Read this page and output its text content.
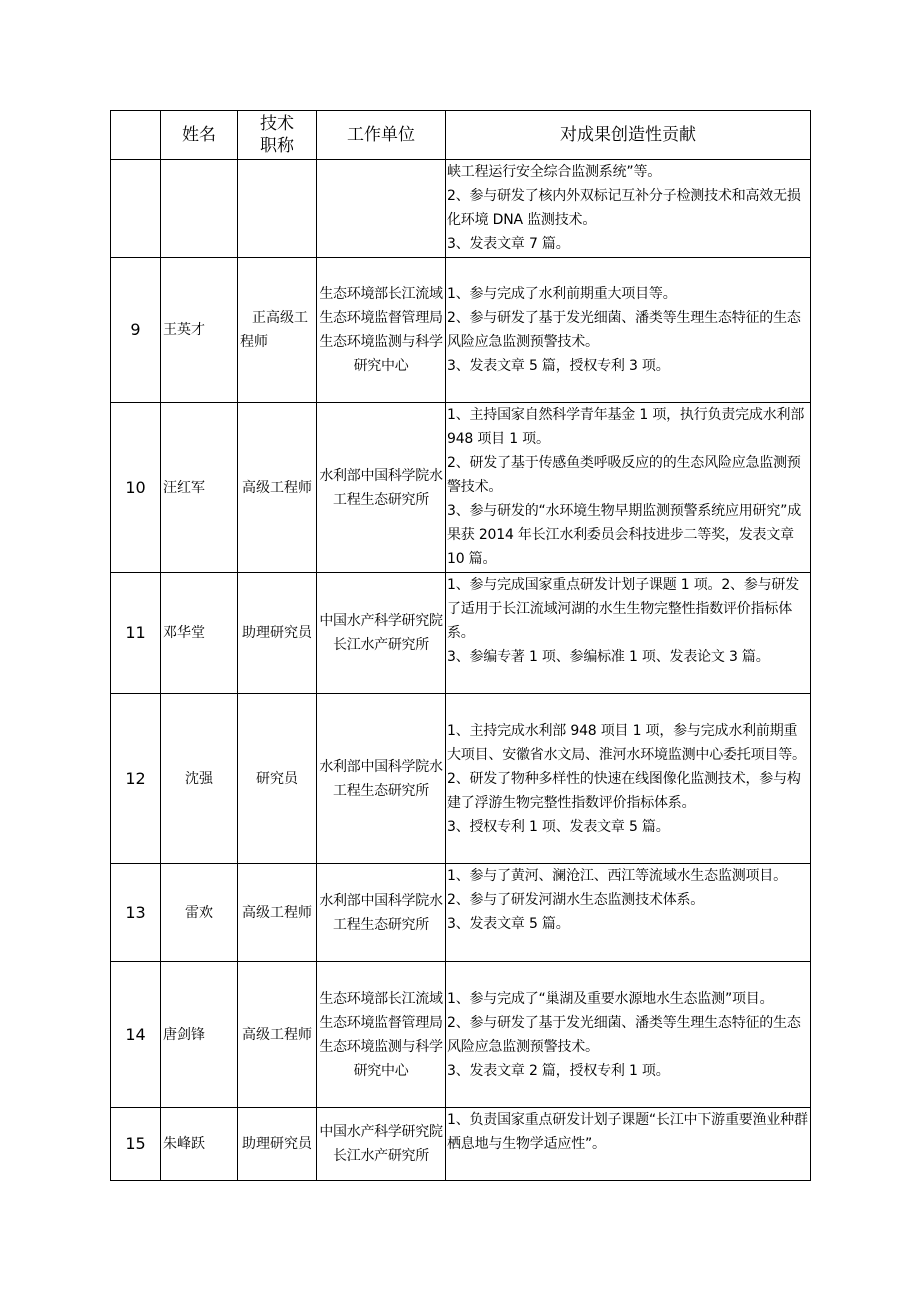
	姓名	技术
职称	工作单位	对成果创造性贡献

				峡工程运行安全综合监测系统”等。
2、参与研发了核内外双标记互补分子检测技术和高效无损化环境 DNA 监测技术。
3、发表文章 7 篇。

9	王英才	正高级工程师	生态环境部长江流域生态环境监督管理局生态环境监测与科学研究中心	1、参与完成了水利前期重大项目等。
2、参与研发了基于发光细菌、潘类等生理生态特征的生态风险应急监测预警技术。
3、发表文章 5 篇，授权专利 3 项。

10	汪红军	高级工程师	水利部中国科学院水工程生态研究所	1、主持国家自然科学青年基金 1 项，执行负责完成水利部 948 项目 1 项。
2、研发了基于传感鱼类呼吸反应的的生态风险应急监测预警技术。
3、参与研发的“水环境生物早期监测预警系统应用研究”成果获 2014 年长江水利委员会科技进步二等奖，发表文章 10 篇。

11	邓华堂	助理研究员	中国水产科学研究院长江水产研究所	1、参与完成国家重点研发计划子课题 1 项。2、参与研发了适用于长江流域河湖的水生生物完整性指数评价指标体系。
3、参编专著 1 项、参编标准 1 项、发表论文 3 篇。

12	沈强	研究员	水利部中国科学院水工程生态研究所	1、主持完成水利部 948 项目 1 项，参与完成水利前期重大项目、安徽省水文局、淮河水环境监测中心委托项目等。
2、研发了物种多样性的快速在线图像化监测技术，参与构建了浮游生物完整性指数评价指标体系。
3、授权专利 1 项、发表文章 5 篇。

13	雷欢	高级工程师	水利部中国科学院水工程生态研究所	1、参与了黄河、澜沧江、西江等流域水生态监测项目。
2、参与了研发河湖水生态监测技术体系。
3、发表文章 5 篇。

14	唐剑锋	高级工程师	生态环境部长江流域生态环境监督管理局生态环境监测与科学研究中心	1、参与完成了“巢湖及重要水源地水生态监测”项目。
2、参与研发了基于发光细菌、潘类等生理生态特征的生态风险应急监测预警技术。
3、发表文章 2 篇，授权专利 1 项。

15	朱峰跃	助理研究员	中国水产科学研究院长江水产研究所	1、负责国家重点研发计划子课题“长江中下游重要渔业种群栖息地与生物学适应性”。
